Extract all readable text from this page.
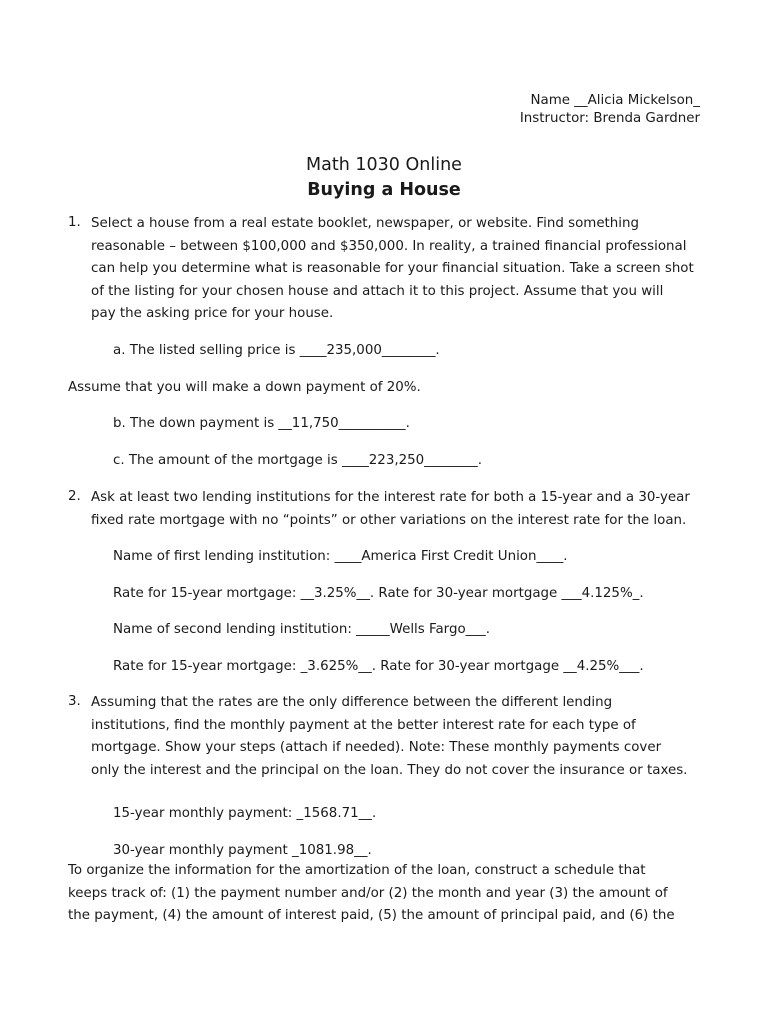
Name __Alicia Mickelson_
Instructor: Brenda Gardner
Math 1030 Online
Buying a House
1. Select a house from a real estate booklet, newspaper, or website. Find something
reasonable – between $100,000 and $350,000. In reality, a trained financial professional
can help you determine what is reasonable for your financial situation. Take a screen shot
of the listing for your chosen house and attach it to this project. Assume that you will
pay the asking price for your house.
a. The listed selling price is ____235,000________.
Assume that you will make a down payment of 20%.
b. The down payment is __11,750__________.
c. The amount of the mortgage is ____223,250________.
2. Ask at least two lending institutions for the interest rate for both a 15-year and a 30-year
fixed rate mortgage with no “points” or other variations on the interest rate for the loan.
Name of first lending institution: ____America First Credit Union____.
Rate for 15-year mortgage: __3.25%__. Rate for 30-year mortgage ___4.125%_.
Name of second lending institution: _____Wells Fargo___.
Rate for 15-year mortgage: _3.625%__. Rate for 30-year mortgage __4.25%___.
3. Assuming that the rates are the only difference between the different lending
institutions, find the monthly payment at the better interest rate for each type of
mortgage. Show your steps (attach if needed). Note: These monthly payments cover
only the interest and the principal on the loan. They do not cover the insurance or taxes.
15-year monthly payment: _1568.71__.
30-year monthly payment _1081.98__.
To organize the information for the amortization of the loan, construct a schedule that
keeps track of: (1) the payment number and/or (2) the month and year (3) the amount of
the payment, (4) the amount of interest paid, (5) the amount of principal paid, and (6) the
